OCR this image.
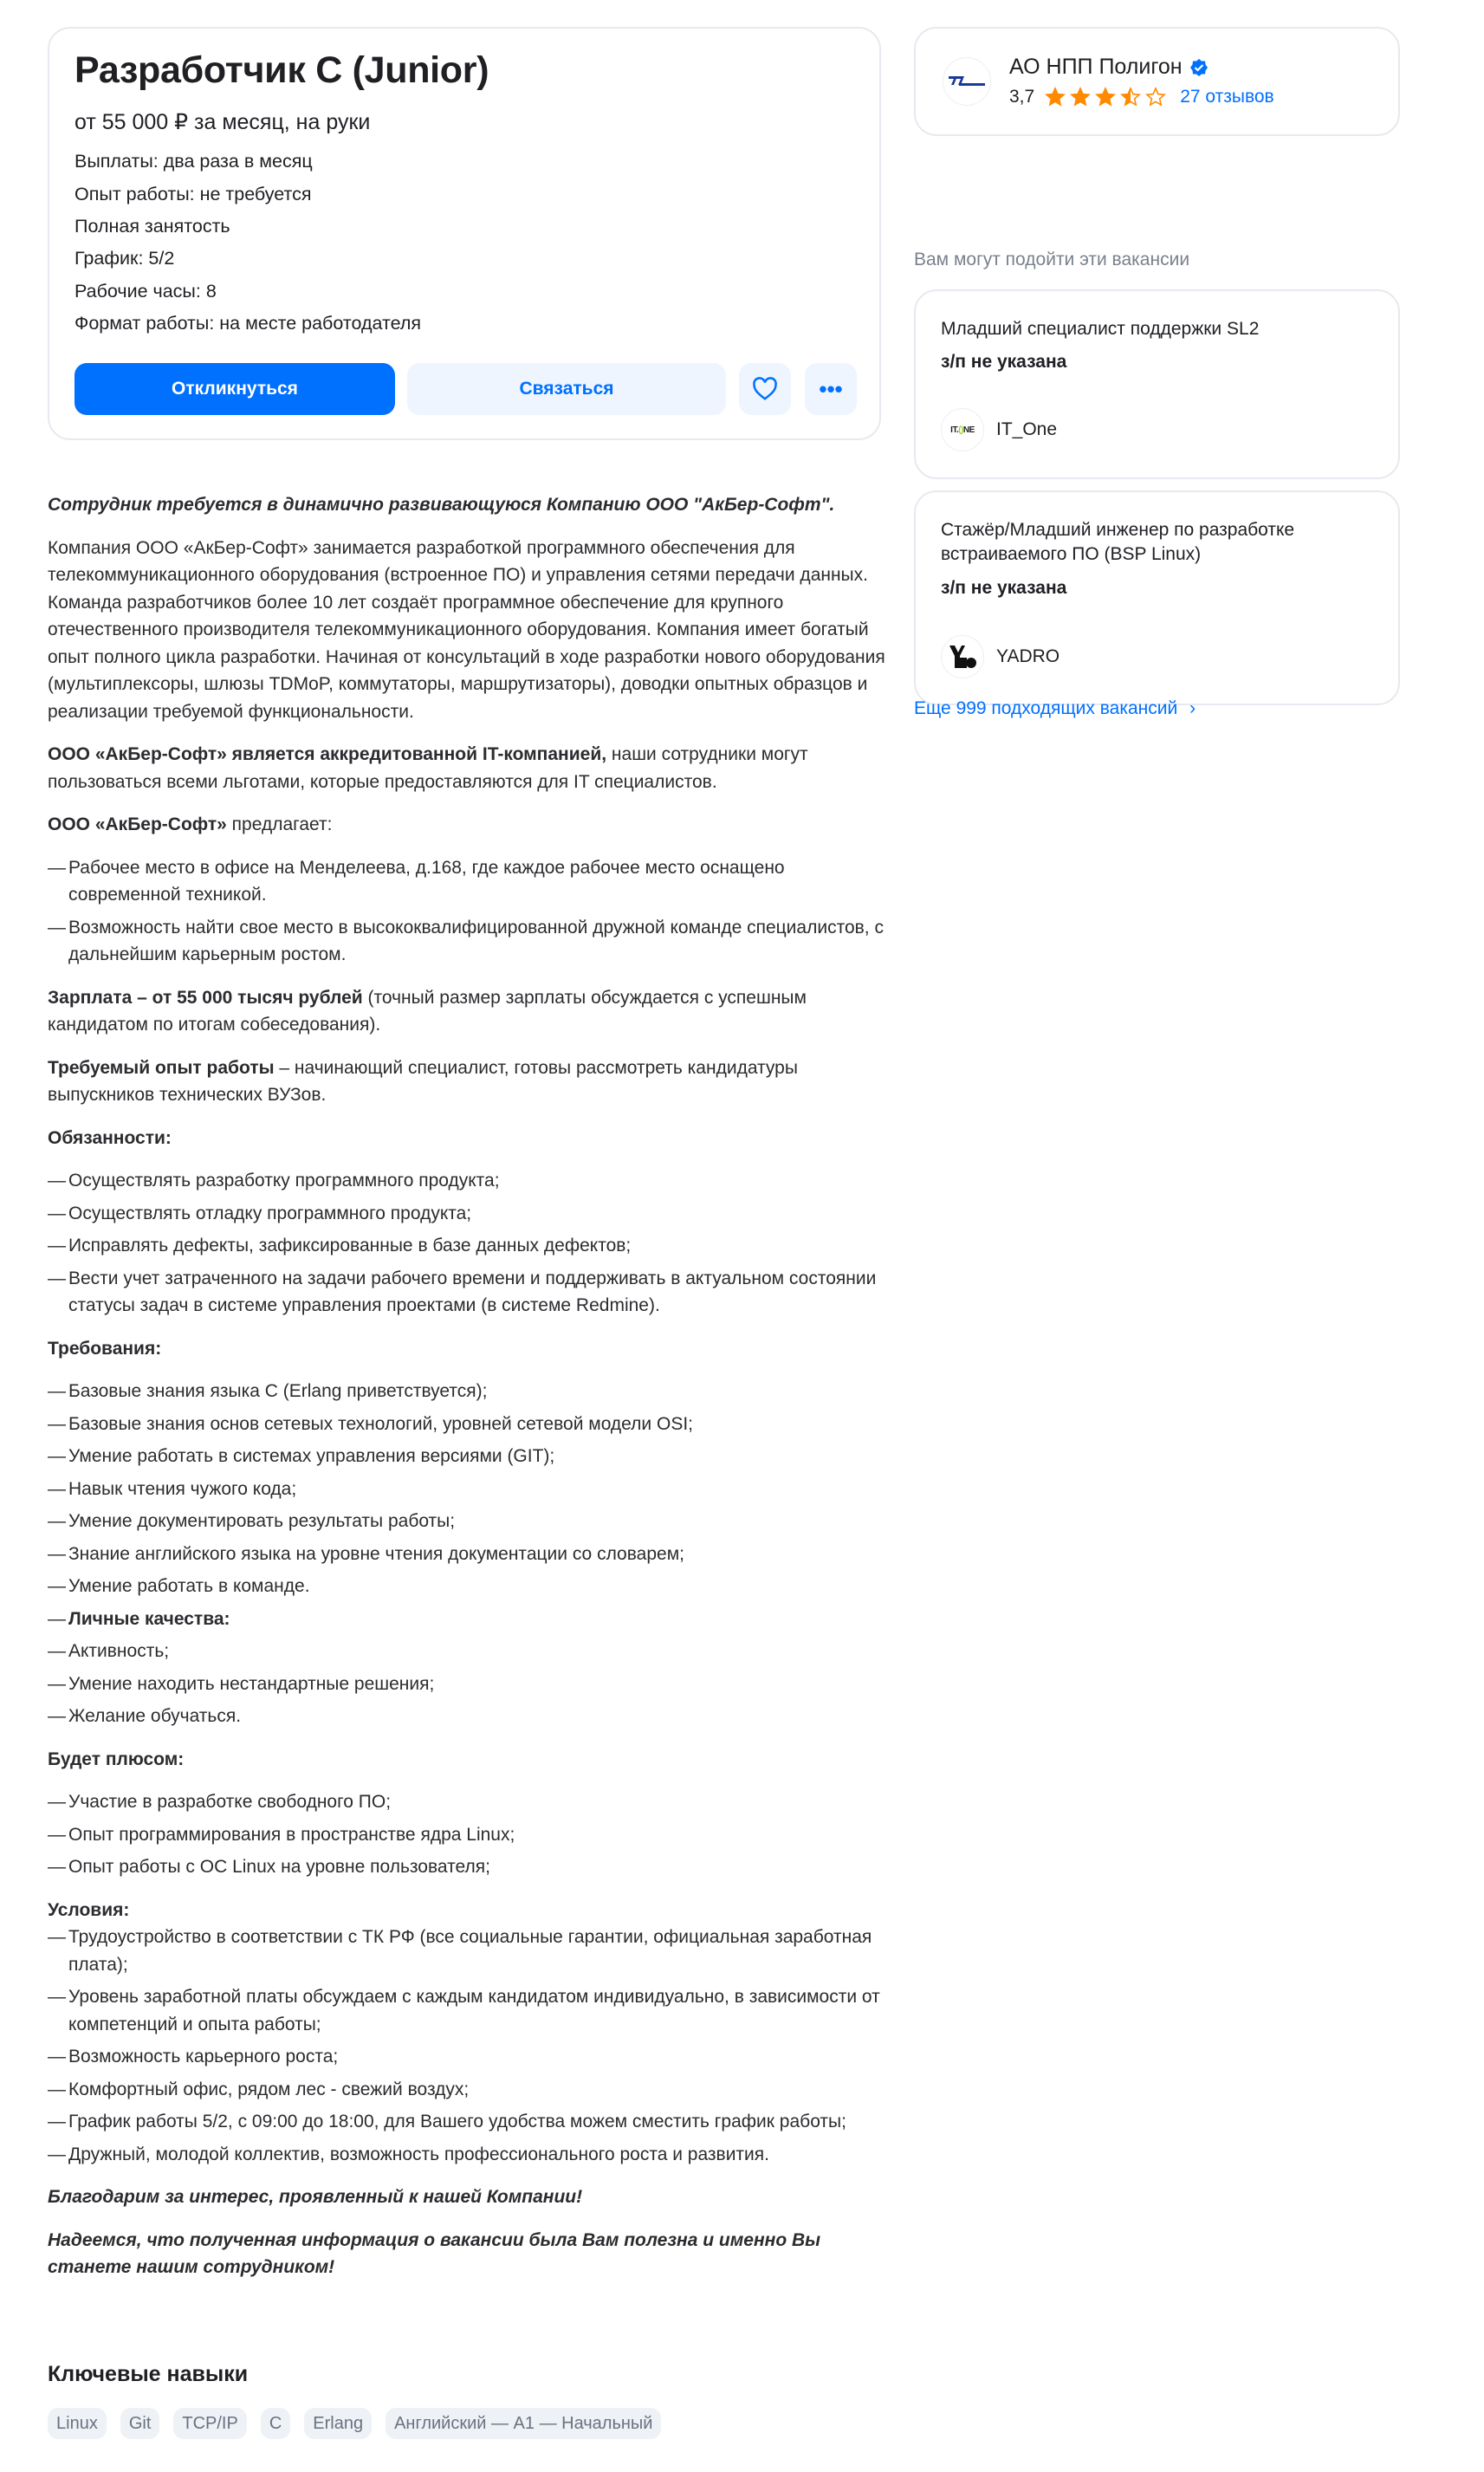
Разработчик C (Junior)
от 55 000 ₽ за месяц, на руки
Выплаты: два раза в месяц
Опыт работы: не требуется
Полная занятость
График: 5/2
Рабочие часы: 8
Формат работы: на месте работодателя
Откликнуться	Связаться	•••

Сотрудник требуется в динамично развивающуюся Компанию ООО "АкБер-Софт".

Компания ООО «АкБер-Софт» занимается разработкой программного обеспечения для телекоммуникационного оборудования (встроенное ПО) и управления сетями передачи данных. Команда разработчиков более 10 лет создаёт программное обеспечение для крупного отечественного производителя телекоммуникационного оборудования. Компания имеет богатый опыт полного цикла разработки. Начиная от консультаций в ходе разработки нового оборудования (мультиплексоры, шлюзы TDMoP, коммутаторы, маршрутизаторы), доводки опытных образцов и реализации требуемой функциональности.

ООО «АкБер-Софт» является аккредитованной IT-компанией, наши сотрудники могут пользоваться всеми льготами, которые предоставляются для IT специалистов.

ООО «АкБер-Софт» предлагает:

— Рабочее место в офисе на Менделеева, д.168, где каждое рабочее место оснащено современной техникой.
— Возможность найти свое место в высококвалифицированной дружной команде специалистов, с дальнейшим карьерным ростом.

Зарплата – от 55 000 тысяч рублей (точный размер зарплаты обсуждается с успешным кандидатом по итогам собеседования).

Требуемый опыт работы – начинающий специалист, готовы рассмотреть кандидатуры выпускников технических ВУЗов.

Обязанности:
— Осуществлять разработку программного продукта;
— Осуществлять отладку программного продукта;
— Исправлять дефекты, зафиксированные в базе данных дефектов;
— Вести учет затраченного на задачи рабочего времени и поддерживать в актуальном состоянии статусы задач в системе управления проектами (в системе Redmine).
Требования:
— Базовые знания языка С (Erlang приветствуется);
— Базовые знания основ сетевых технологий, уровней сетевой модели OSI;
— Умение работать в системах управления версиями (GIT);
— Навык чтения чужого кода;
— Умение документировать результаты работы;
— Знание английского языка на уровне чтения документации со словарем;
— Умение работать в команде.
— Личные качества:
— Активность;
— Умение находить нестандартные решения;
— Желание обучаться.
Будет плюсом:
— Участие в разработке свободного ПО;
— Опыт программирования в пространстве ядра Linux;
— Опыт работы с ОС Linux на уровне пользователя;
Условия:
— Трудоустройство в соответствии с ТК РФ (все социальные гарантии, официальная заработная плата);
— Уровень заработной платы обсуждаем с каждым кандидатом индивидуально, в зависимости от компетенций и опыта работы;
— Возможность карьерного роста;
— Комфортный офис, рядом лес - свежий воздух;
— График работы 5/2, с 09:00 до 18:00, для Вашего удобства можем сместить график работы;
— Дружный, молодой коллектив, возможность профессионального роста и развития.

Благодарим за интерес, проявленный к нашей Компании!

Надеемся, что полученная информация о вакансии была Вам полезна и именно Вы станете нашим сотрудником!

Ключевые навыки
Linux	Git	TCP/IP	C	Erlang	Английский — A1 — Начальный
АО НПП Полигон
3,7	27 отзывов
Вам могут подойти эти вакансии
Младший специалист поддержки SL2
з/п не указана
IT.()NE IT_One
Стажёр/Младший инженер по разработке встраиваемого ПО (BSP Linux)
з/п не указана
YADRO
Еще 999 подходящих вакансий ›
